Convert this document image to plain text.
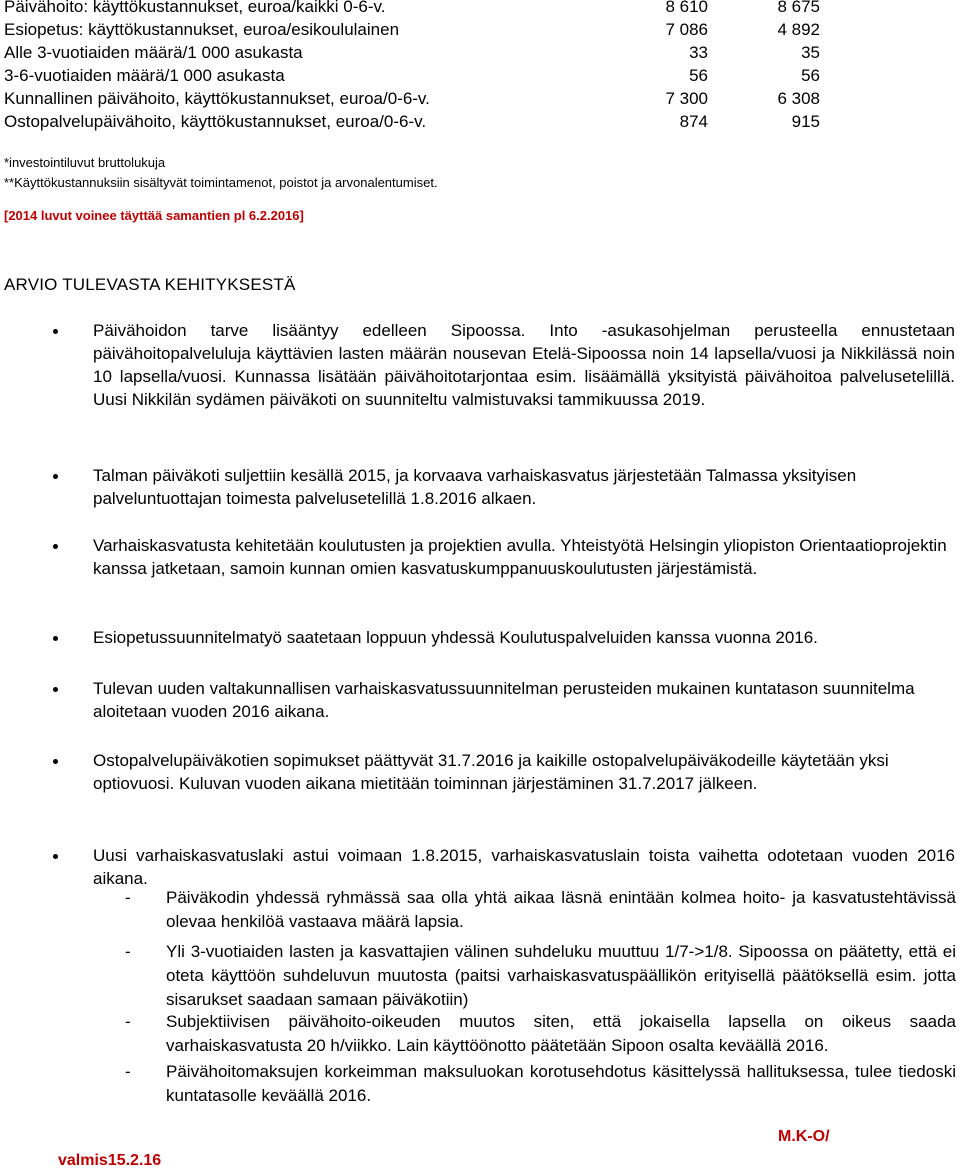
Päivähoito: käyttökustannukset, euroa/kaikki 0-6-v.	8 610	8 675
Esiopetus: käyttökustannukset, euroa/esikoululainen	7 086	4 892
Alle 3-vuotiaiden määrä/1 000 asukasta	33	35
3-6-vuotiaiden määrä/1 000 asukasta	56	56
Kunnallinen päivähoito, käyttökustannukset, euroa/0-6-v.	7 300	6 308
Ostopalvelupäivähoito, käyttökustannukset, euroa/0-6-v.	874	915
*investointiluvut bruttolukuja
**Käyttökustannuksiin sisältyvät toimintamenot, poistot ja arvonalentumiset.
[2014 luvut voinee täyttää samantien pl 6.2.2016]
ARVIO TULEVASTA KEHITYKSESTÄ

Päivähoidon tarve lisääntyy edelleen Sipoossa. Into -asukasohjelman perusteella ennustetaan päivähoitopalveluluja käyttävien lasten määrän nousevan Etelä-Sipoossa noin 14 lapsella/vuosi ja Nikkilässä noin 10 lapsella/vuosi. Kunnassa lisätään päivähoitotarjontaa esim. lisäämällä yksityistä päivähoitoa palvelusetelillä. Uusi Nikkilän sydämen päiväkoti on suunniteltu valmistuvaksi tammikuussa 2019.

Talman päiväkoti suljettiin kesällä 2015, ja korvaava varhaiskasvatus järjestetään Talmassa yksityisen palveluntuottajan toimesta palvelusetelillä 1.8.2016 alkaen.

Varhaiskasvatusta kehitetään koulutusten ja projektien avulla. Yhteistyötä Helsingin yliopiston Orientaatioprojektin kanssa jatketaan, samoin kunnan omien kasvatuskumppanuuskoulutusten järjestämistä.

Esiopetussuunnitelmatyö saatetaan loppuun yhdessä Koulutuspalveluiden kanssa vuonna 2016.

Tulevan uuden valtakunnallisen varhaiskasvatussuunnitelman perusteiden mukainen kuntatason suunnitelma aloitetaan vuoden 2016 aikana.

Ostopalvelupäiväkotien sopimukset päättyvät 31.7.2016 ja kaikille ostopalvelupäiväkodeille käytetään yksi optiovuosi. Kuluvan vuoden aikana mietitään toiminnan järjestäminen 31.7.2017 jälkeen.

Uusi varhaiskasvatuslaki astui voimaan 1.8.2015, varhaiskasvatuslain toista vaihetta odotetaan vuoden 2016 aikana.

-	Päiväkodin yhdessä ryhmässä saa olla yhtä aikaa läsnä enintään kolmea hoito- ja kasvatustehtävissä olevaa henkilöä vastaava määrä lapsia.
-	Yli 3-vuotiaiden lasten ja kasvattajien välinen suhdeluku muuttuu 1/7->1/8. Sipoossa on päätetty, että ei oteta käyttöön suhdeluvun muutosta (paitsi varhaiskasvatuspäällikön erityisellä päätöksellä esim. jotta sisarukset saadaan samaan päiväkotiin)
-	Subjektiivisen päivähoito-oikeuden muutos siten, että jokaisella lapsella on oikeus saada varhaiskasvatusta 20 h/viikko. Lain käyttöönotto päätetään Sipoon osalta keväällä 2016.
-	Päivähoitomaksujen korkeimman maksuluokan korotusehdotus käsittelyssä hallituksessa, tulee tiedoski kuntatasolle keväällä 2016.
valmis15.2.16
M.K-O/
